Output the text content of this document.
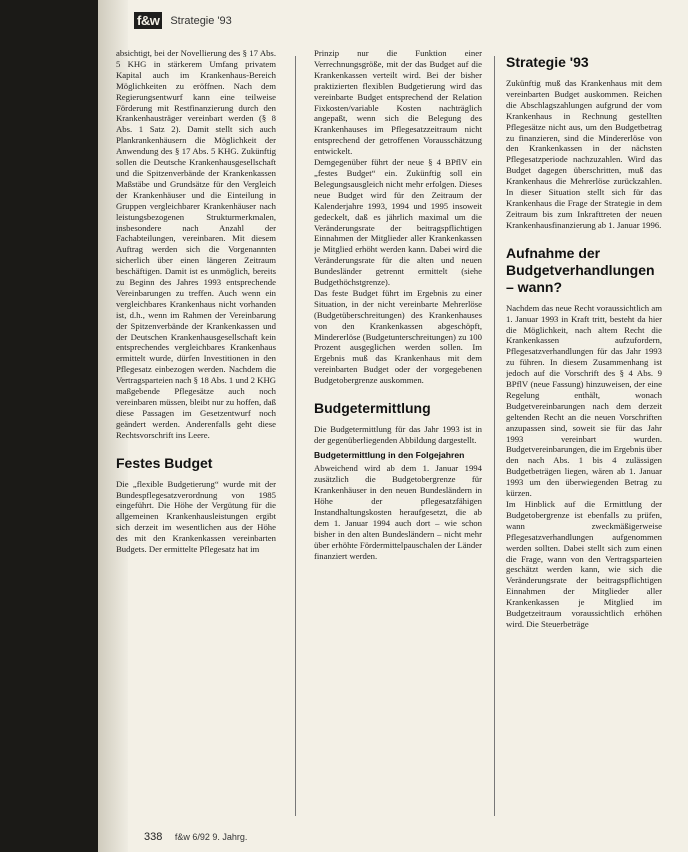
f&w Strategie '93

absichtigt, bei der Novellierung des § 17 Abs. 5 KHG in stärkerem Umfang privatem Kapital auch im Krankenhaus-Bereich Möglichkeiten zu eröffnen. Nach dem Regierungsentwurf kann eine teilweise Förderung mit Restfinanzierung durch den Krankenhausträger vereinbart werden (§ 8 Abs. 1 Satz 2). Damit stellt sich auch Plankrankenhäusern die Möglichkeit der Anwendung des § 17 Abs. 5 KHG. Zukünftig sollen die Deutsche Krankenhausgesellschaft und die Spitzenverbände der Krankenkassen Maßstäbe und Grundsätze für den Vergleich der Krankenhäuser und die Einteilung in Gruppen vergleichbarer Krankenhäuser nach leistungsbezogenen Strukturmerkmalen, insbesondere nach Anzahl der Fachabteilungen, vereinbaren. Mit diesem Auftrag werden sich die Vorgenannten sicherlich über einen längeren Zeitraum beschäftigen. Damit ist es unmöglich, bereits zu Beginn des Jahres 1993 entsprechende Vereinbarungen zu treffen. Auch wenn ein vergleichbares Krankenhaus nicht vorhanden ist, d.h., wenn im Rahmen der Vereinbarung der Spitzenverbände der Krankenkassen und der Deutschen Krankenhausgesellschaft kein entsprechendes vergleichbares Krankenhaus ermittelt wurde, dürfen Investitionen in den Pflegesatz einbezogen werden. Nachdem die Vertragsparteien nach § 18 Abs. 1 und 2 KHG maßgebende Pflegesätze auch noch vereinbaren müssen, bleibt nur zu hoffen, daß diese Passagen im Gesetzentwurf noch geändert werden. Anderenfalls geht diese Rechtsvorschrift ins Leere.

Festes Budget

Die „flexible Budgetierung“ wurde mit der Bundespflegesatzverordnung von 1985 eingeführt. Die Höhe der Vergütung für die allgemeinen Krankenhausleistungen ergibt sich derzeit im wesentlichen aus der Höhe des mit den Krankenkassen vereinbarten Budgets. Der ermittelte Pflegesatz hat im

Prinzip nur die Funktion einer Verrechnungsgröße, mit der das Budget auf die Krankenkassen verteilt wird. Bei der bisher praktizierten flexiblen Budgetierung wird das vereinbarte Budget entsprechend der Relation Fixkosten/variable Kosten nachträglich angepaßt, wenn sich die Belegung des Krankenhauses im Pflegesatzzeitraum nicht entsprechend der getroffenen Vorausschätzung entwickelt.

Demgegenüber führt der neue § 4 BPflV ein „festes Budget“ ein. Zukünftig soll ein Belegungsausgleich nicht mehr erfolgen. Dieses neue Budget wird für den Zeitraum der Kalenderjahre 1993, 1994 und 1995 insoweit gedeckelt, daß es jährlich maximal um die Veränderungsrate der beitragspflichtigen Einnahmen der Mitglieder aller Krankenkassen je Mitglied erhöht werden kann. Dabei wird die Veränderungsrate für die alten und neuen Bundesländer getrennt ermittelt (siehe Budgethöchstgrenze).

Das feste Budget führt im Ergebnis zu einer Situation, in der nicht vereinbarte Mehrerlöse (Budgetüberschreitungen) des Krankenhauses von den Krankenkassen abgeschöpft, Mindererlöse (Budgetunterschreitungen) zu 100 Prozent ausgeglichen werden sollen. Im Ergebnis muß das Krankenhaus mit dem vereinbarten Budget oder der vorgegebenen Budgetobergrenze auskommen.

Budgetermittlung

Die Budgetermittlung für das Jahr 1993 ist in der gegenüberliegenden Abbildung dargestellt.

Budgetermittlung in den Folgejahren

Abweichend wird ab dem 1. Januar 1994 zusätzlich die Budgetobergrenze für Krankenhäuser in den neuen Bundesländern in Höhe der pflegesatzfähigen Instandhaltungskosten heraufgesetzt, die ab dem 1. Januar 1994 auch dort – wie schon bisher in den alten Bundesländern – nicht mehr über erhöhte Fördermittelpauschalen der Länder finanziert werden.

Strategie '93

Zukünftig muß das Krankenhaus mit dem vereinbarten Budget auskommen. Reichen die Abschlagszahlungen aufgrund der vom Krankenhaus in Rechnung gestellten Pflegesätze nicht aus, um den Budgetbetrag zu finanzieren, sind die Mindererlöse von den Krankenkassen in der nächsten Pflegesatzperiode nachzuzahlen. Wird das Budget dagegen überschritten, muß das Krankenhaus die Mehrerlöse zurückzahlen. In dieser Situation stellt sich für das Krankenhaus die Frage der Strategie in dem Zeitraum bis zum Inkrafttreten der neuen Krankenhausfinanzierung ab 1. Januar 1996.

Aufnahme der Budgetverhandlungen – wann?

Nachdem das neue Recht voraussichtlich am 1. Januar 1993 in Kraft tritt, besteht da hier die Möglichkeit, nach altem Recht die Krankenkassen aufzufordern, Pflegesatzverhandlungen für das Jahr 1993 zu führen. In diesem Zusammenhang ist jedoch auf die Vorschrift des § 4 Abs. 9 BPflV (neue Fassung) hinzuweisen, der eine Regelung enthält, wonach Budgetvereinbarungen nach dem derzeit geltenden Recht an die neuen Vorschriften anzupassen sind, soweit sie für das Jahr 1993 vereinbart wurden. Budgetvereinbarungen, die im Ergebnis über den nach Abs. 1 bis 4 zulässigen Budgetbeträgen liegen, wären ab 1. Januar 1993 um den überwiegenden Betrag zu kürzen.

Im Hinblick auf die Ermittlung der Budgetobergrenze ist ebenfalls zu prüfen, wann zweckmäßigerweise Pflegesatzverhandlungen aufgenommen werden sollten. Dabei stellt sich zum einen die Frage, wann von den Vertragsparteien geschätzt werden kann, wie sich die Veränderungsrate der beitragspflichtigen Einnahmen der Mitglieder aller Krankenkassen je Mitglied im Budgetzeitraum voraussichtlich erhöhen wird. Die Steuerbeträge

338 f&w 6/92 9. Jahrg.
